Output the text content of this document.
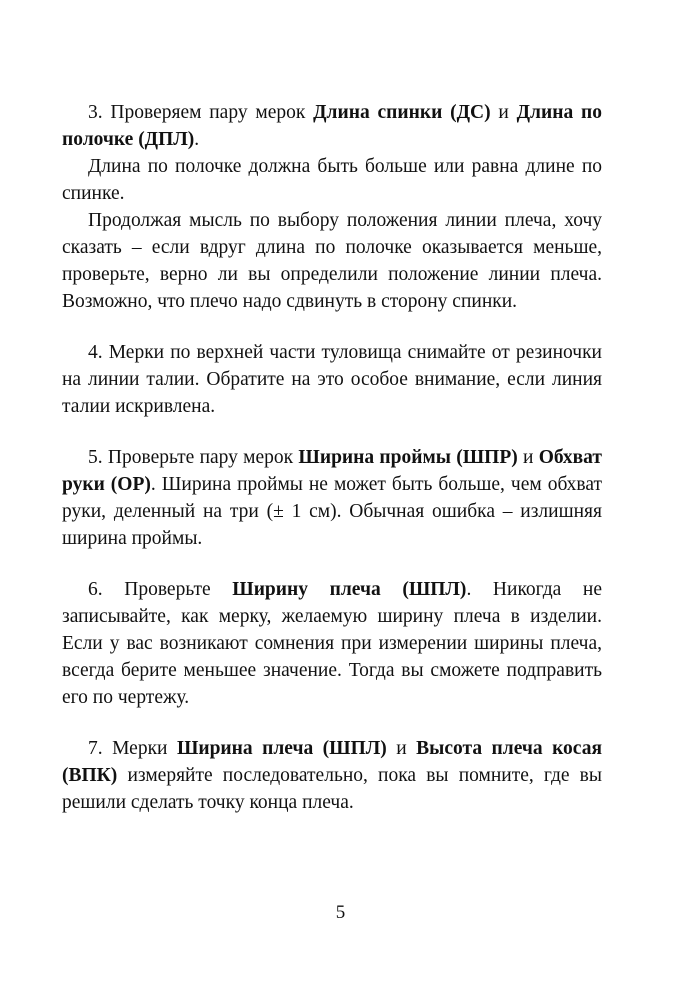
3. Проверяем пару мерок Длина спинки (ДС) и Длина по полочке (ДПЛ).

Длина по полочке должна быть больше или равна длине по спинке.

Продолжая мысль по выбору положения линии плеча, хочу сказать – если вдруг длина по полочке оказывается меньше, проверьте, верно ли вы определили положение линии плеча. Возможно, что плечо надо сдвинуть в сторону спинки.

4. Мерки по верхней части туловища снимайте от резиночки на линии талии. Обратите на это особое внимание, если линия талии искривлена.

5. Проверьте пару мерок Ширина проймы (ШПР) и Обхват руки (ОР). Ширина проймы не может быть больше, чем обхват руки, деленный на три (± 1 см). Обычная ошибка – излишняя ширина проймы.

6. Проверьте Ширину плеча (ШПЛ). Никогда не записывайте, как мерку, желаемую ширину плеча в изделии. Если у вас возникают сомнения при измерении ширины плеча, всегда берите меньшее значение. Тогда вы сможете подправить его по чертежу.

7. Мерки Ширина плеча (ШПЛ) и Высота плеча косая (ВПК) измеряйте последовательно, пока вы помните, где вы решили сделать точку конца плеча.

5
